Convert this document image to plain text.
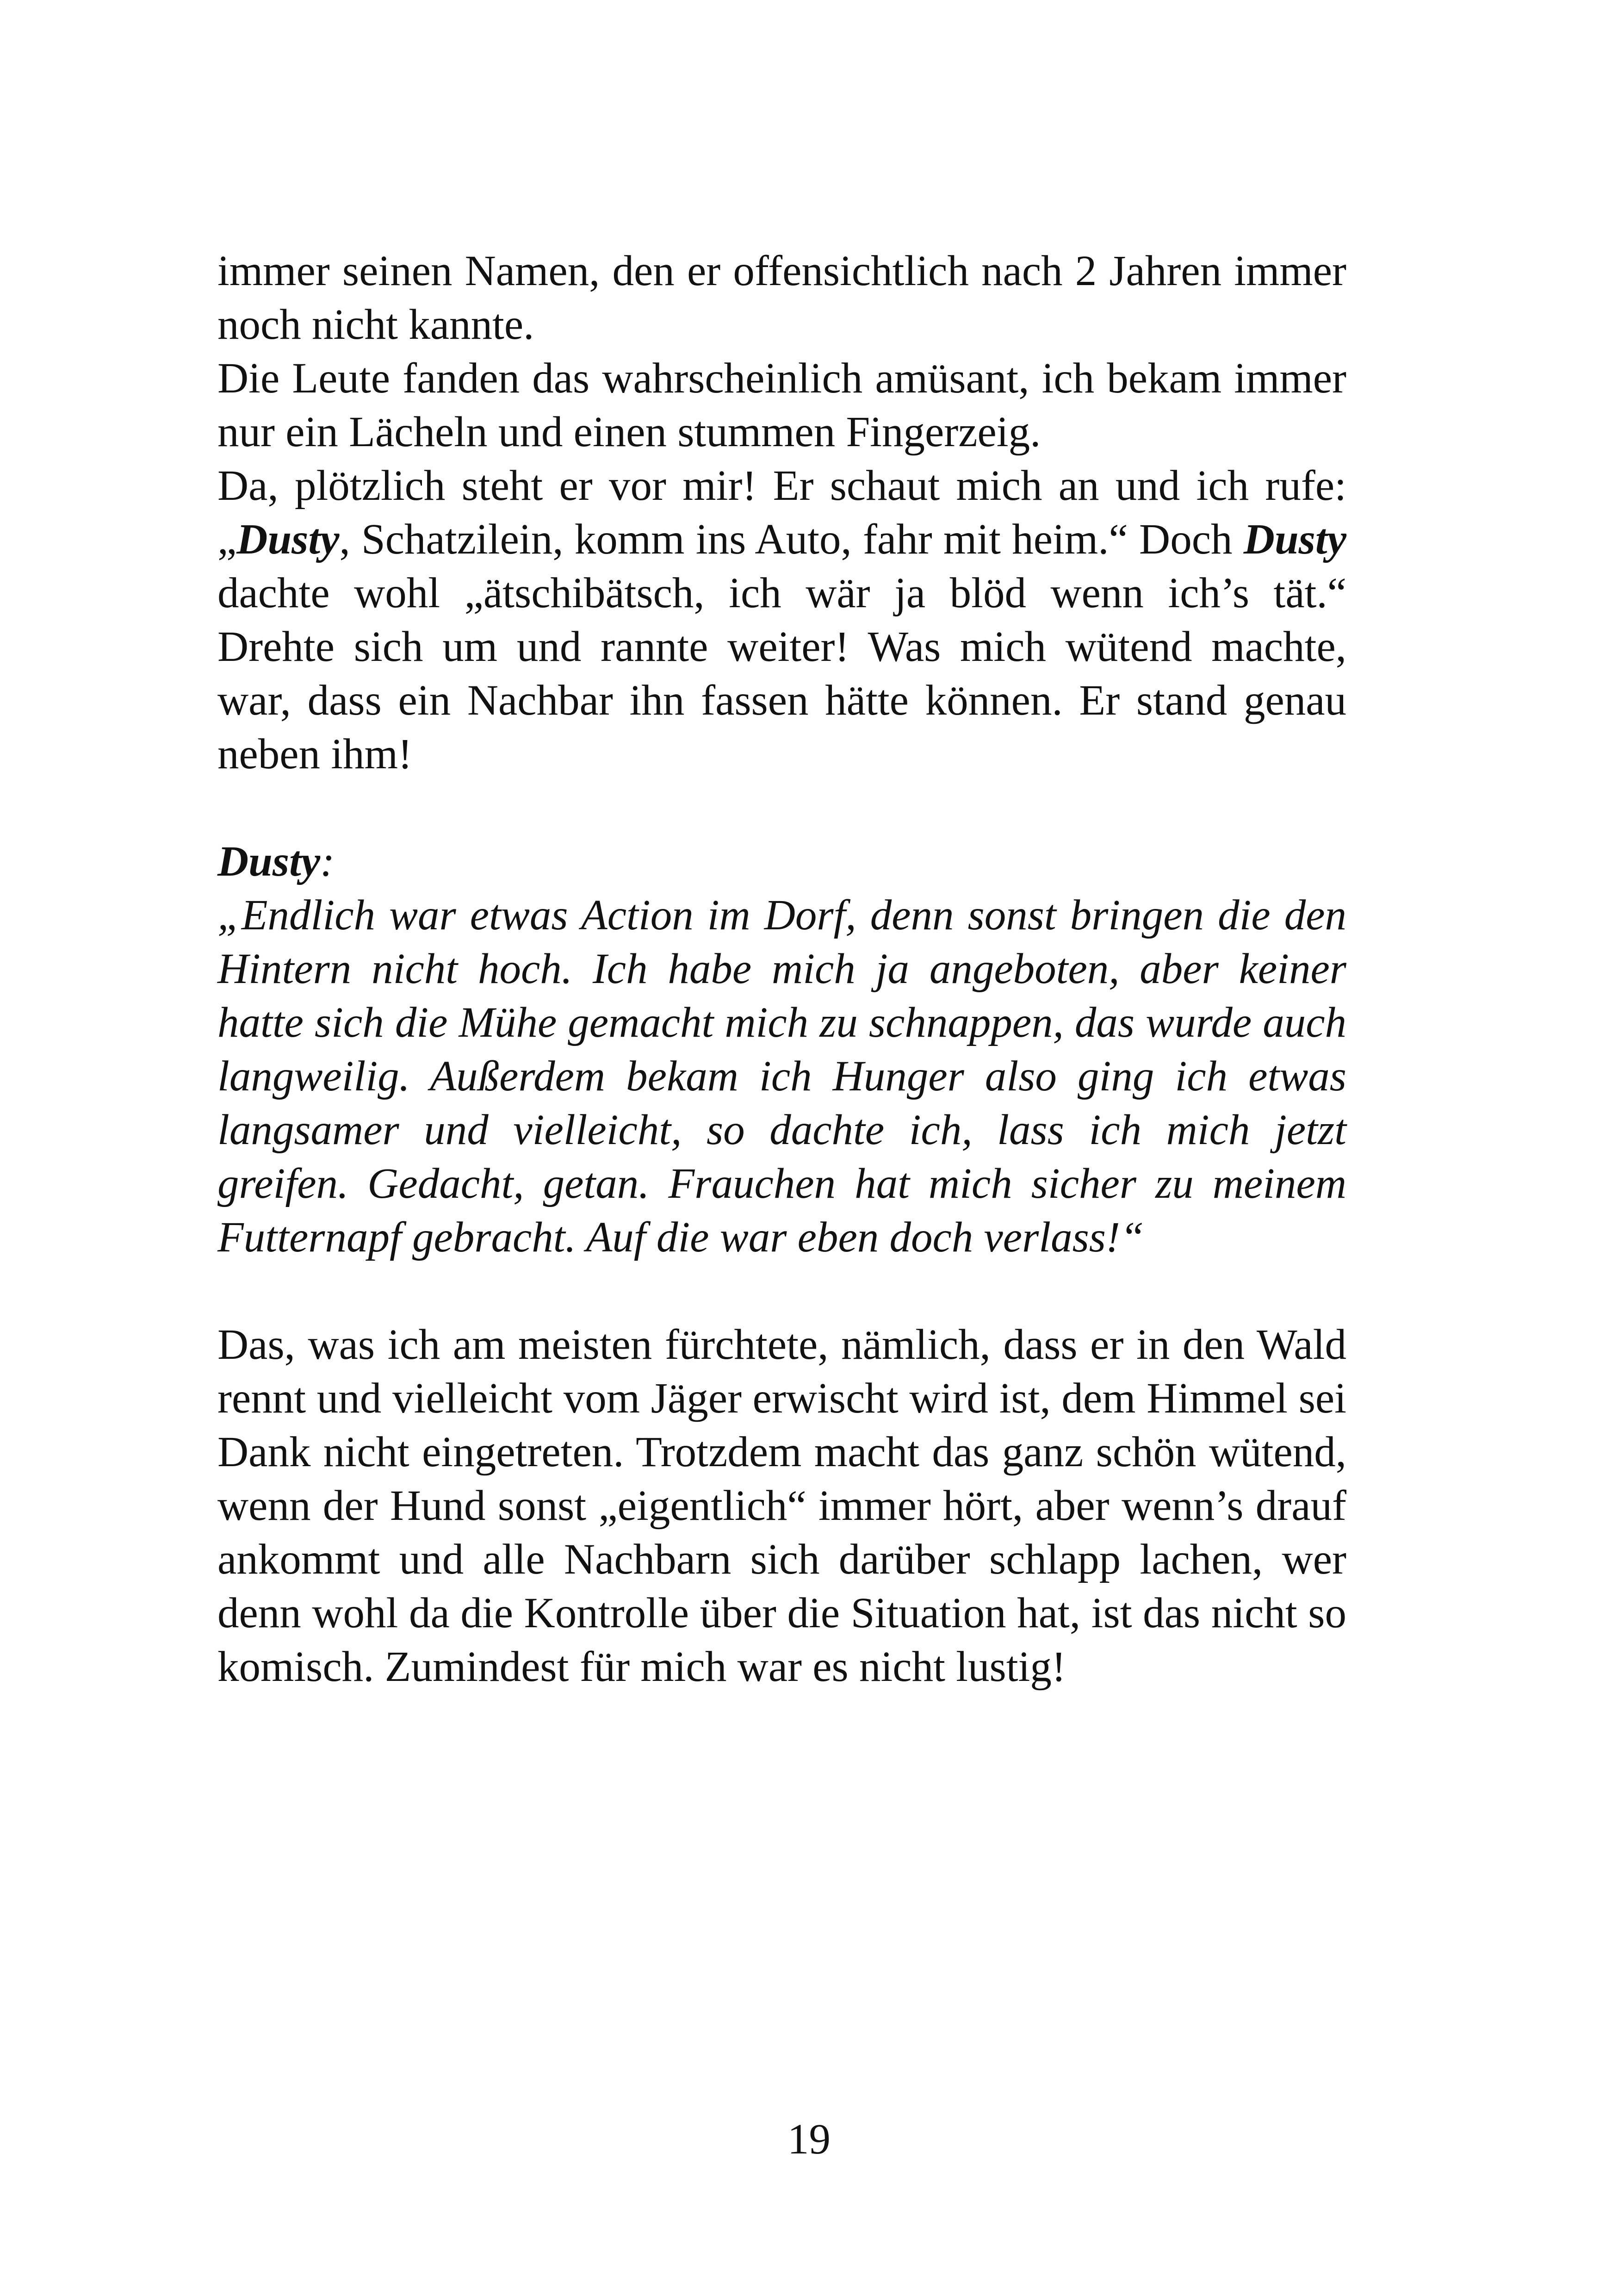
immer seinen Namen, den er offensichtlich nach 2 Jahren immer noch nicht kannte.

Die Leute fanden das wahrscheinlich amüsant, ich bekam immer nur ein Lächeln und einen stummen Fingerzeig.

Da, plötzlich steht er vor mir! Er schaut mich an und ich rufe: „Dusty, Schatzilein, komm ins Auto, fahr mit heim.“ Doch Dusty dachte wohl „ätschibätsch, ich wär ja blöd wenn ich’s tät.“ Drehte sich um und rannte weiter! Was mich wütend machte, war, dass ein Nachbar ihn fassen hätte können. Er stand genau neben ihm!

Dusty:

„Endlich war etwas Action im Dorf, denn sonst bringen die den Hintern nicht hoch. Ich habe mich ja angeboten, aber keiner hatte sich die Mühe gemacht mich zu schnappen, das wurde auch langweilig. Außerdem bekam ich Hunger also ging ich etwas langsamer und vielleicht, so dachte ich, lass ich mich jetzt greifen. Gedacht, getan. Frauchen hat mich sicher zu meinem Futternapf gebracht. Auf die war eben doch verlass!“

Das, was ich am meisten fürchtete, nämlich, dass er in den Wald rennt und vielleicht vom Jäger erwischt wird ist, dem Himmel sei Dank nicht eingetreten. Trotzdem macht das ganz schön wütend, wenn der Hund sonst „eigentlich“ immer hört, aber wenn’s drauf ankommt und alle Nachbarn sich darüber schlapp lachen, wer denn wohl da die Kontrolle über die Situation hat, ist das nicht so komisch. Zumindest für mich war es nicht lustig!

19
